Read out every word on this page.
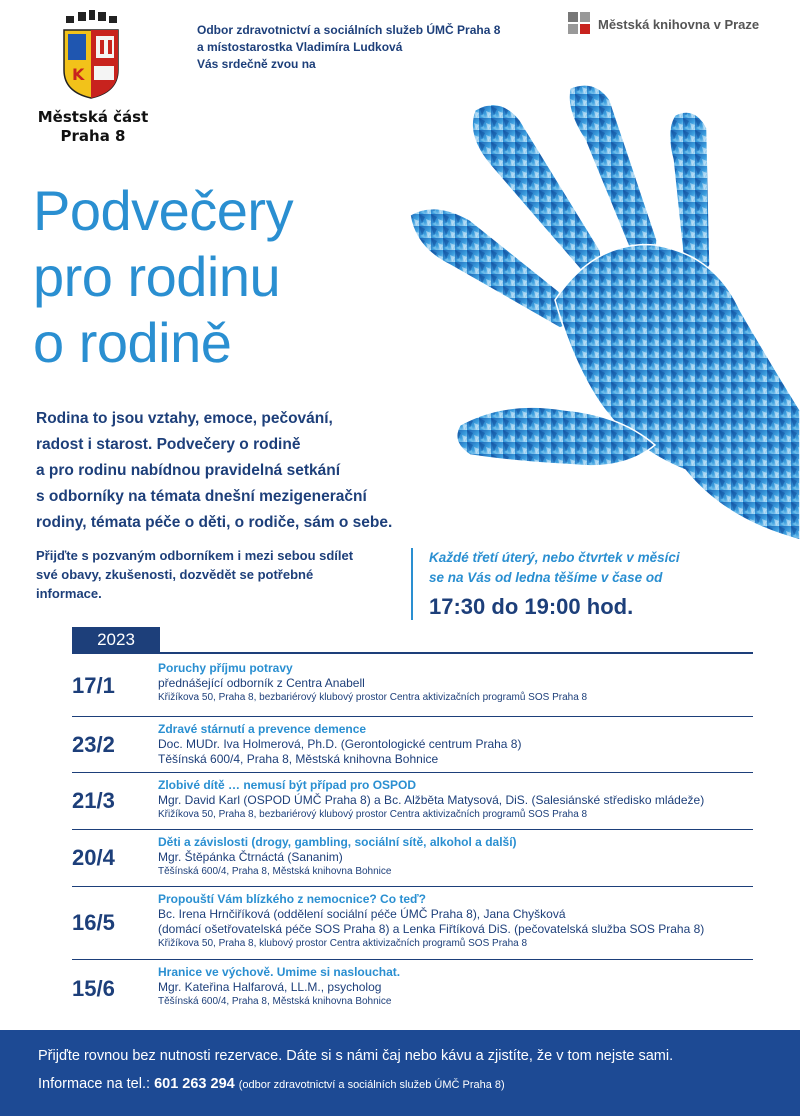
K
Městská část
Praha 8
Odbor zdravotnictví a sociálních služeb ÚMČ Praha 8
a místostarostka Vladimíra Ludková
Vás srdečně zvou na
Městská knihovna v Praze
Podvečery
pro rodinu
o rodině
Rodina to jsou vztahy, emoce, pečování,
radost i starost. Podvečery o rodině
a pro rodinu nabídnou pravidelná setkání
s odborníky na témata dnešní mezigenerační
rodiny, témata péče o děti, o rodiče, sám o sebe.
Přijďte s pozvaným odborníkem i mezi sebou sdílet
své obavy, zkušenosti, dozvědět se potřebné
informace.
Každé třetí úterý, nebo čtvrtek v měsíci
se na Vás od ledna těšíme v čase od
17:30 do 19:00 hod.
2023
17/1
Poruchy příjmu potravy
přednášející odborník z Centra Anabell
Křižíkova 50, Praha 8, bezbariérový klubový prostor Centra aktivizačních programů SOS Praha 8
23/2
Zdravé stárnutí a prevence demence
Doc. MUDr. Iva Holmerová, Ph.D. (Gerontologické centrum Praha 8)
Těšínská 600/4, Praha 8, Městská knihovna Bohnice
21/3
Zlobivé dítě … nemusí být případ pro OSPOD
Mgr. David Karl (OSPOD ÚMČ Praha 8) a Bc. Alžběta Matysová, DiS. (Salesiánské středisko mládeže)
Křižíkova 50, Praha 8, bezbariérový klubový prostor Centra aktivizačních programů SOS Praha 8
20/4
Děti a závislosti (drogy, gambling, sociální sítě, alkohol a další)
Mgr. Štěpánka Čtrnáctá (Sananim)
Těšínská 600/4, Praha 8, Městská knihovna Bohnice
16/5
Propouští Vám blízkého z nemocnice? Co teď?
Bc. Irena Hrnčiříková (oddělení sociální péče ÚMČ Praha 8), Jana Chyšková
(domácí ošetřovatelská péče SOS Praha 8) a Lenka Fiřtíková DiS. (pečovatelská služba SOS Praha 8)
Křižíkova 50, Praha 8, klubový prostor Centra aktivizačních programů SOS Praha 8
15/6
Hranice ve výchově. Umime si naslouchat.
Mgr. Kateřina Halfarová, LL.M., psycholog
Těšínská 600/4, Praha 8, Městská knihovna Bohnice
Přijďte rovnou bez nutnosti rezervace. Dáte si s námi čaj nebo kávu a zjistíte, že v tom nejste sami.
Informace na tel.: 601 263 294 (odbor zdravotnictví a sociálních služeb ÚMČ Praha 8)
